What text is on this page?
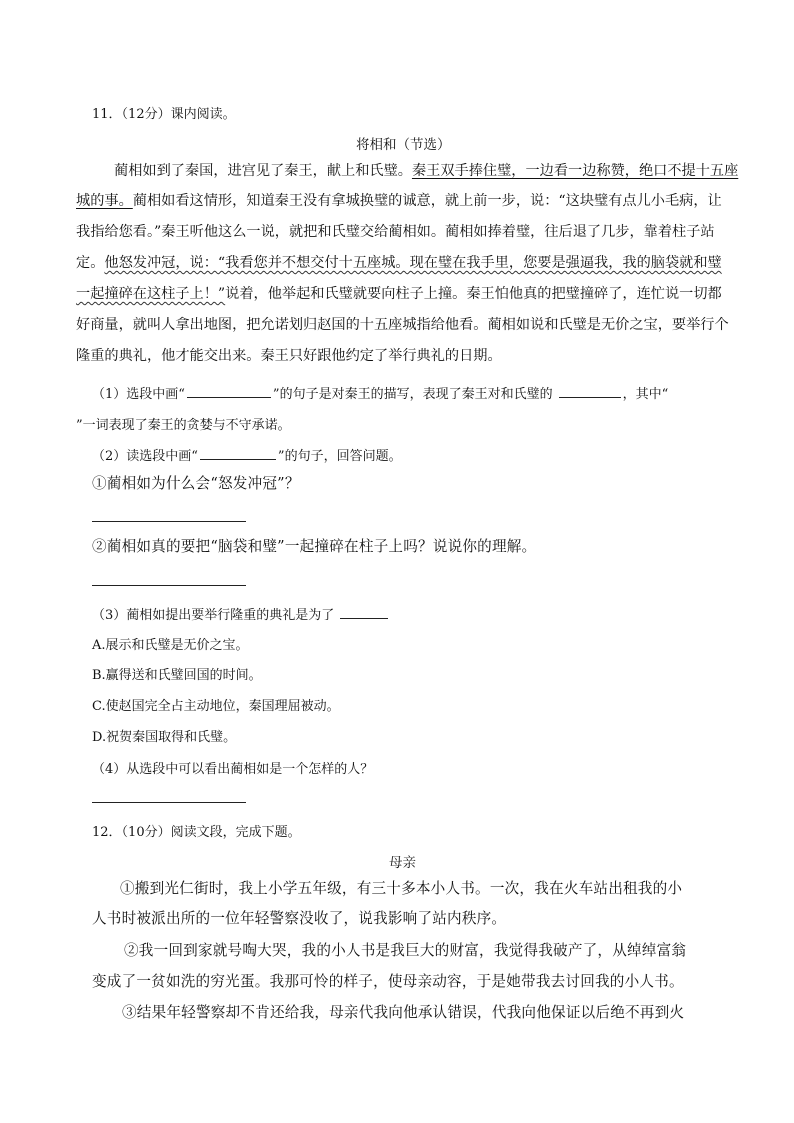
11．（12分）课内阅读。
将相和（节选）
蔺相如到了秦国，进宫见了秦王，献上和氏璧。秦王双手捧住璧，一边看一边称赞，绝口不提十五座
城的事。蔺相如看这情形，知道秦王没有拿城换璧的诚意，就上前一步，说：“这块璧有点儿小毛病，让
我指给您看。”秦王听他这么一说，就把和氏璧交给蔺相如。蔺相如捧着璧，往后退了几步，靠着柱子站
定。他怒发冲冠，说：“我看您并不想交付十五座城。现在璧在我手里，您要是强逼我，我的脑袋就和璧
一起撞碎在这柱子上！”说着，他举起和氏璧就要向柱子上撞。秦王怕他真的把璧撞碎了，连忙说一切都
好商量，就叫人拿出地图，把允诺划归赵国的十五座城指给他看。蔺相如说和氏璧是无价之宝，要举行个
隆重的典礼，他才能交出来。秦王只好跟他约定了举行典礼的日期。
（1）选段中画“	”的句子是对秦王的描写，表现了秦王对和氏璧的	，其中“
”一词表现了秦王的贪婪与不守承诺。
（2）读选段中画“	”的句子，回答问题。
①蔺相如为什么会“怒发冲冠”？
②蔺相如真的要把“脑袋和璧”一起撞碎在柱子上吗？说说你的理解。
（3）蔺相如提出要举行隆重的典礼是为了
A.展示和氏璧是无价之宝。
B.赢得送和氏璧回国的时间。
C.使赵国完全占主动地位，秦国理屈被动。
D.祝贺秦国取得和氏璧。
（4）从选段中可以看出蔺相如是一个怎样的人？
12．（10分）阅读文段，完成下题。
母亲
①搬到光仁街时，我上小学五年级，有三十多本小人书。一次，我在火车站出租我的小
人书时被派出所的一位年轻警察没收了，说我影响了站内秩序。
②我一回到家就号啕大哭，我的小人书是我巨大的财富，我觉得我破产了，从绰绰富翁
变成了一贫如洗的穷光蛋。我那可怜的样子，使母亲动容，于是她带我去讨回我的小人书。
③结果年轻警察却不肯还给我，母亲代我向他承认错误，代我向他保证以后绝不再到火
